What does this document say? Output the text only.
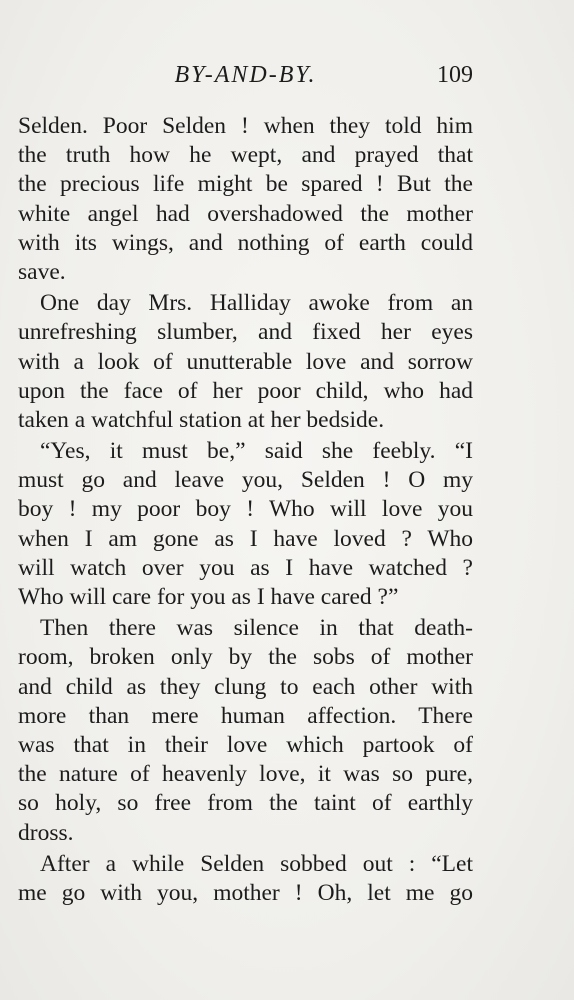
BY-AND-BY.	109
Selden. Poor Selden ! when they told him
the truth how he wept, and prayed that
the precious life might be spared ! But the
white angel had overshadowed the mother
with its wings, and nothing of earth could
save.
One day Mrs. Halliday awoke from an
unrefreshing slumber, and fixed her eyes
with a look of unutterable love and sorrow
upon the face of her poor child, who had
taken a watchful station at her bedside.
“Yes, it must be,” said she feebly. “I
must go and leave you, Selden ! O my
boy ! my poor boy ! Who will love you
when I am gone as I have loved ? Who
will watch over you as I have watched ?
Who will care for you as I have cared ?”
Then there was silence in that death-
room, broken only by the sobs of mother
and child as they clung to each other with
more than mere human affection. There
was that in their love which partook of
the nature of heavenly love, it was so pure,
so holy, so free from the taint of earthly
dross.
After a while Selden sobbed out : “Let
me go with you, mother ! Oh, let me go
